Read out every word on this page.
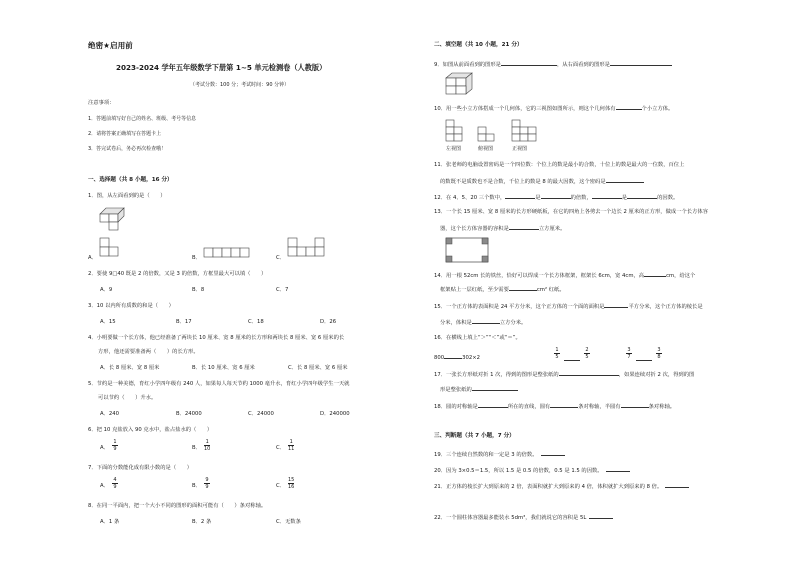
绝密★启用前
2023-2024 学年五年级数学下册第 1~5 单元检测卷（人教版）
（考试分数：100 分；考试时间：90 分钟）
注意事项：
1．答题前填写好自己的姓名、班级、考号等信息
2．请将答案正确填写在答题卡上
3．答完试卷后，务必再次检查哦！
一、选择题（共 8 小题，16 分）
1．图，从左面看到的是（　　）
A．	B．	C．
2．要使 9□40 既是 2 的倍数，又是 3 的倍数，方框里最大可以填（　　）
A．9	B．8	C．7
3．10 以内所有质数的和是（　　）
A．15	B．17	C．18	D．26
4．小明要做一个长方体，他已经准备了两块长 10 厘米、宽 8 厘米的长方形和两块长 8 厘米、宽 6 厘米的长
方形，他还需要准备两（　　）的长方形。
A．长 8 厘米、宽 8 厘米	B．长 10 厘米、宽 6 厘米	C．长 8 厘米、宽 6 厘米
5．节约是一种美德，育红小学四年级有 240 人，如果每人每天节约 1000 毫升水，育红小学四年级学生一天就
可以节约（　　）升水。
A．240	B．24000	C．24000	D．240000
6．把 10 克盐放入 90 克水中，盐占盐水的（　　）
A．
1
9	B．
1
10	C．
1
11
7．下面的分数能化成有限小数的是（　　）
A．
4
9	B．
9
9	C．
15
16
8．在同一平面内，把一个大小不同的图形的面积可能有（　　）条对称轴。
A．1 条	B．2 条	C．无数条
二、填空题（共 10 小题，21 分）
9．如图从前面看到的图形是	，从右面看到的图形是
10．用一些小立方体搭成一个几何体，它的三视图如图所示，则这个几何体有	个小立方体。
左视图	俯视图	正视图
11．张老师的电脑设置密码是一个四位数：个位上的数是最小的合数，十位上的数是最大的一位数，百位上
的数既不是质数也不是合数，千位上的数是 8 的最大因数，这个密码是
12．在 4、5、20 三个数中，	是	的倍数，	是	的因数。
13．一个长 15 厘米、宽 8 厘米的长方形硬纸板，在它的四角上各剪去一个边长 2 厘米的正方形，做成一个长方体容
器，这个长方体容器的容积是	立方厘米。
14．用一根 52cm 长的铁丝，恰好可以焊成一个长方体框架，框架长 6cm，宽 4cm，高	cm，给这个
框架贴上一层红纸，至少需要	cm² 红纸。
15．一个正方体的表面积是 24 平方分米，这个正方体的一个面的面积是	平方分米，这个正方体的棱长是
分米，体积是	立方分米。
16．在横线上填上“＞”“＜”或“＝”。
800	302×2
1
5
2
5
3
7
3
8
17．一张长方形纸对折 1 次，得到的图形是整张纸的	，如果连续对折 2 次，得到的图
形是整张纸的
18．圆的对称轴是	所在的直线，圆有	条对称轴，半圆有	条对称轴。
三、判断题（共 7 小题，7 分）
19．三个连续自然数的和一定是 3 的倍数。
20．因为 3×0.5＝1.5，所以 1.5 是 0.5 的倍数，0.5 是 1.5 的因数。
21．正方体的棱长扩大到原来的 2 倍，表面积就扩大到原来的 4 倍，体积就扩大到原来的 8 倍。
22．一个圆柱体容器最多能装水 5dm³，我们就说它的容积是 5L
